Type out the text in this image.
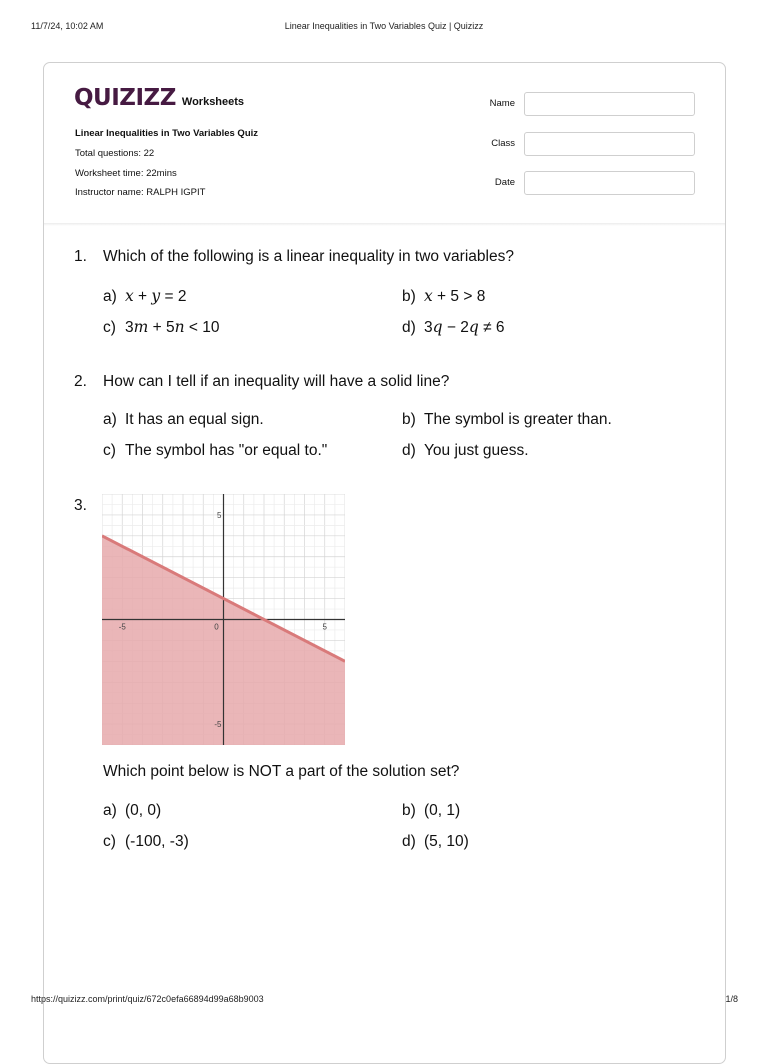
11/7/24, 10:02 AM	Linear Inequalities in Two Variables Quiz | Quizizz
QUIZIZZ Worksheets
Linear Inequalities in Two Variables Quiz
Total questions: 22
Worksheet time: 22mins
Instructor name: RALPH IGPIT
Name
Class
Date
1. Which of the following is a linear inequality in two variables?
a) x + y = 2	b) x + 5 > 8
c) 3m + 5n < 10	d) 3q − 2q ≠ 6
2. How can I tell if an inequality will have a solid line?
a) It has an equal sign.	b) The symbol is greater than.
c) The symbol has "or equal to."	d) You just guess.
3.
-5	0	5
5
-5
Which point below is NOT a part of the solution set?
a) (0, 0)	b) (0, 1)
c) (-100, -3)	d) (5, 10)
https://quizizz.com/print/quiz/672c0efa66894d99a68b9003	1/8
